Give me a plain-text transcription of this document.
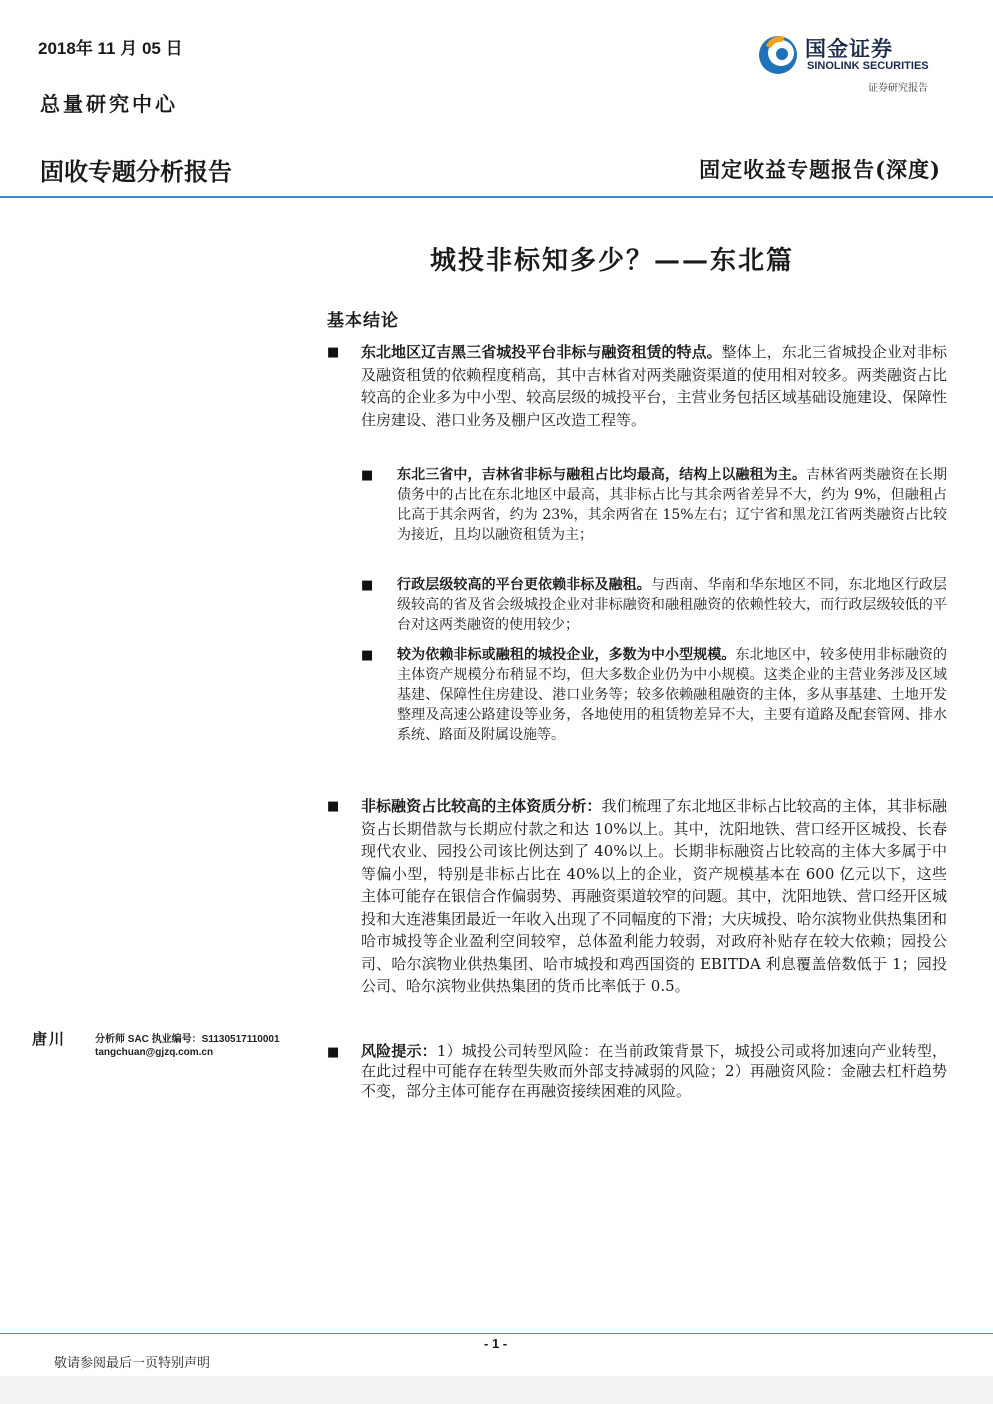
2018年 11 月 05 日
总量研究中心
国金证券
SINOLINK SECURITIES
证券研究报告
固收专题分析报告	固定收益专题报告(深度)
城投非标知多少？——东北篇
基本结论
■ 东北地区辽吉黑三省城投平台非标与融资租赁的特点。整体上，东北三省城投企业对非标及融资租赁的依赖程度稍高，其中吉林省对两类融资渠道的使用相对较多。两类融资占比较高的企业多为中小型、较高层级的城投平台，主营业务包括区域基础设施建设、保障性住房建设、港口业务及棚户区改造工程等。
■ 东北三省中，吉林省非标与融租占比均最高，结构上以融租为主。吉林省两类融资在长期债务中的占比在东北地区中最高，其非标占比与其余两省差异不大，约为 9%，但融租占比高于其余两省，约为 23%，其余两省在 15%左右；辽宁省和黑龙江省两类融资占比较为接近，且均以融资租赁为主；
■ 行政层级较高的平台更依赖非标及融租。与西南、华南和华东地区不同，东北地区行政层级较高的省及省会级城投企业对非标融资和融租融资的依赖性较大，而行政层级较低的平台对这两类融资的使用较少；
■ 较为依赖非标或融租的城投企业，多数为中小型规模。东北地区中，较多使用非标融资的主体资产规模分布稍显不均，但大多数企业仍为中小规模。这类企业的主营业务涉及区域基建、保障性住房建设、港口业务等；较多依赖融租融资的主体，多从事基建、土地开发整理及高速公路建设等业务，各地使用的租赁物差异不大，主要有道路及配套管网、排水系统、路面及附属设施等。
■ 非标融资占比较高的主体资质分析：我们梳理了东北地区非标占比较高的主体，其非标融资占长期借款与长期应付款之和达 10%以上。其中，沈阳地铁、营口经开区城投、长春现代农业、园投公司该比例达到了 40%以上。长期非标融资占比较高的主体大多属于中等偏小型，特别是非标占比在 40%以上的企业，资产规模基本在 600 亿元以下，这些主体可能存在银信合作偏弱势、再融资渠道较窄的问题。其中，沈阳地铁、营口经开区城投和大连港集团最近一年收入出现了不同幅度的下滑；大庆城投、哈尔滨物业供热集团和哈市城投等企业盈利空间较窄，总体盈利能力较弱，对政府补贴存在较大依赖；园投公司、哈尔滨物业供热集团、哈市城投和鸡西国资的 EBITDA 利息覆盖倍数低于 1；园投公司、哈尔滨物业供热集团的货币比率低于 0.5。
■ 风险提示：1）城投公司转型风险：在当前政策背景下，城投公司或将加速向产业转型，在此过程中可能存在转型失败而外部支持减弱的风险；2）再融资风险：金融去杠杆趋势不变，部分主体可能存在再融资接续困难的风险。
唐川	分析师 SAC 执业编号：S1130517110001
tangchuan@gjzq.com.cn
- 1 -
敬请参阅最后一页特别声明
